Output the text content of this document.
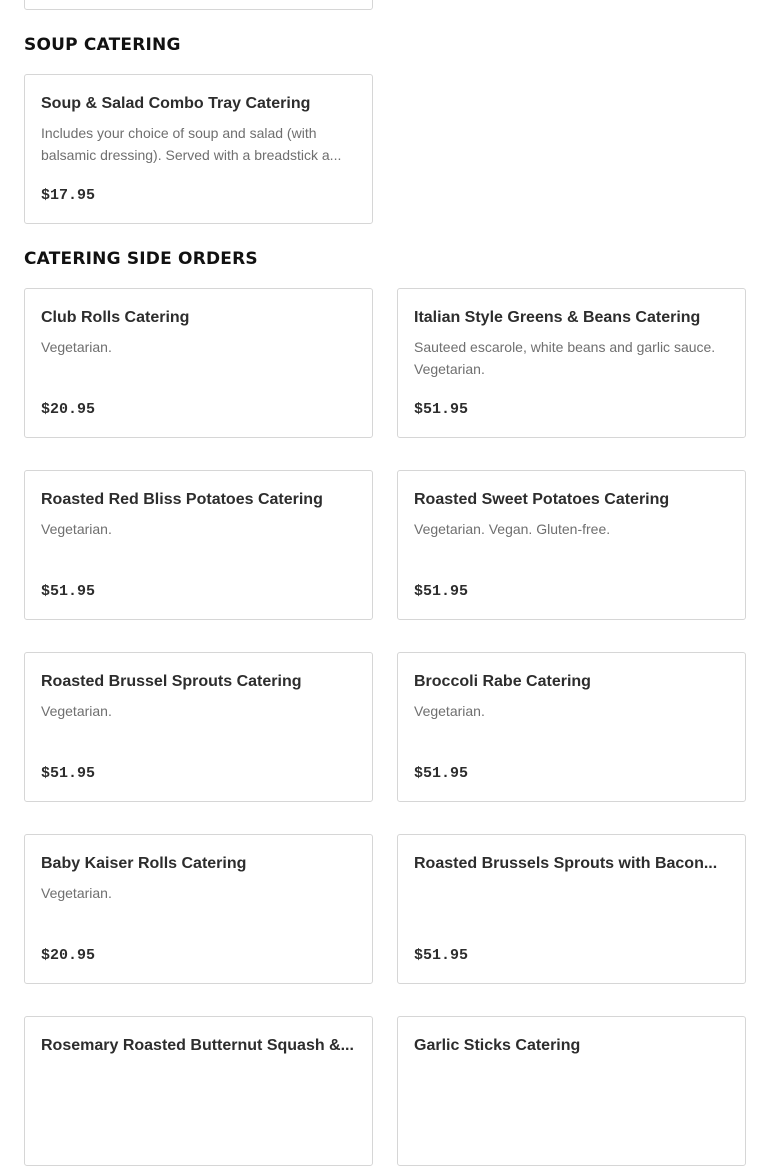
SOUP CATERING
Soup & Salad Combo Tray Catering
Includes your choice of soup and salad (with balsamic dressing). Served with a breadstick a...
$17.95
CATERING SIDE ORDERS
Club Rolls Catering
Vegetarian.
$20.95
Italian Style Greens & Beans Catering
Sauteed escarole, white beans and garlic sauce. Vegetarian.
$51.95
Roasted Red Bliss Potatoes Catering
Vegetarian.
$51.95
Roasted Sweet Potatoes Catering
Vegetarian. Vegan. Gluten-free.
$51.95
Roasted Brussel Sprouts Catering
Vegetarian.
$51.95
Broccoli Rabe Catering
Vegetarian.
$51.95
Baby Kaiser Rolls Catering
Vegetarian.
$20.95
Roasted Brussels Sprouts with Bacon...
$51.95
Rosemary Roasted Butternut Squash &...	Garlic Sticks Catering
